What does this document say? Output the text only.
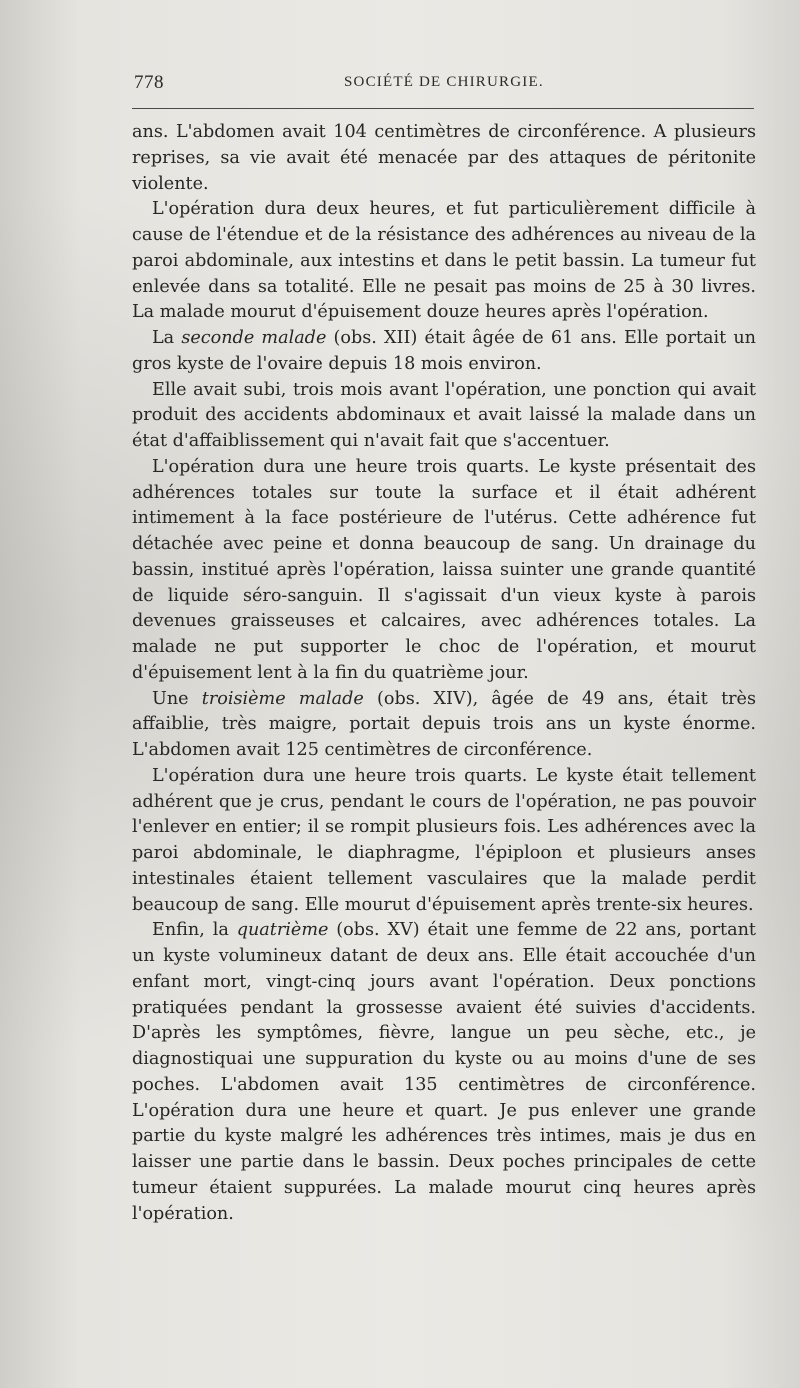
778	SOCIÉTÉ DE CHIRURGIE.

ans. L'abdomen avait 104 centimètres de circonférence. A plusieurs reprises, sa vie avait été menacée par des attaques de péritonite violente.

L'opération dura deux heures, et fut particulièrement difficile à cause de l'étendue et de la résistance des adhérences au niveau de la paroi abdominale, aux intestins et dans le petit bassin. La tumeur fut enlevée dans sa totalité. Elle ne pesait pas moins de 25 à 30 livres. La malade mourut d'épuisement douze heures après l'opération.

La seconde malade (obs. XII) était âgée de 61 ans. Elle portait un gros kyste de l'ovaire depuis 18 mois environ.

Elle avait subi, trois mois avant l'opération, une ponction qui avait produit des accidents abdominaux et avait laissé la malade dans un état d'affaiblissement qui n'avait fait que s'accentuer.

L'opération dura une heure trois quarts. Le kyste présentait des adhérences totales sur toute la surface et il était adhérent intimement à la face postérieure de l'utérus. Cette adhérence fut détachée avec peine et donna beaucoup de sang. Un drainage du bassin, institué après l'opération, laissa suinter une grande quantité de liquide séro-sanguin. Il s'agissait d'un vieux kyste à parois devenues graisseuses et calcaires, avec adhérences totales. La malade ne put supporter le choc de l'opération, et mourut d'épuisement lent à la fin du quatrième jour.

Une troisième malade (obs. XIV), âgée de 49 ans, était très affaiblie, très maigre, portait depuis trois ans un kyste énorme. L'abdomen avait 125 centimètres de circonférence.

L'opération dura une heure trois quarts. Le kyste était tellement adhérent que je crus, pendant le cours de l'opération, ne pas pouvoir l'enlever en entier; il se rompit plusieurs fois. Les adhérences avec la paroi abdominale, le diaphragme, l'épiploon et plusieurs anses intestinales étaient tellement vasculaires que la malade perdit beaucoup de sang. Elle mourut d'épuisement après trente-six heures.

Enfin, la quatrième (obs. XV) était une femme de 22 ans, portant un kyste volumineux datant de deux ans. Elle était accouchée d'un enfant mort, vingt-cinq jours avant l'opération. Deux ponctions pratiquées pendant la grossesse avaient été suivies d'accidents. D'après les symptômes, fièvre, langue un peu sèche, etc., je diagnostiquai une suppuration du kyste ou au moins d'une de ses poches. L'abdomen avait 135 centimètres de circonférence. L'opération dura une heure et quart. Je pus enlever une grande partie du kyste malgré les adhérences très intimes, mais je dus en laisser une partie dans le bassin. Deux poches principales de cette tumeur étaient suppurées. La malade mourut cinq heures après l'opération.
